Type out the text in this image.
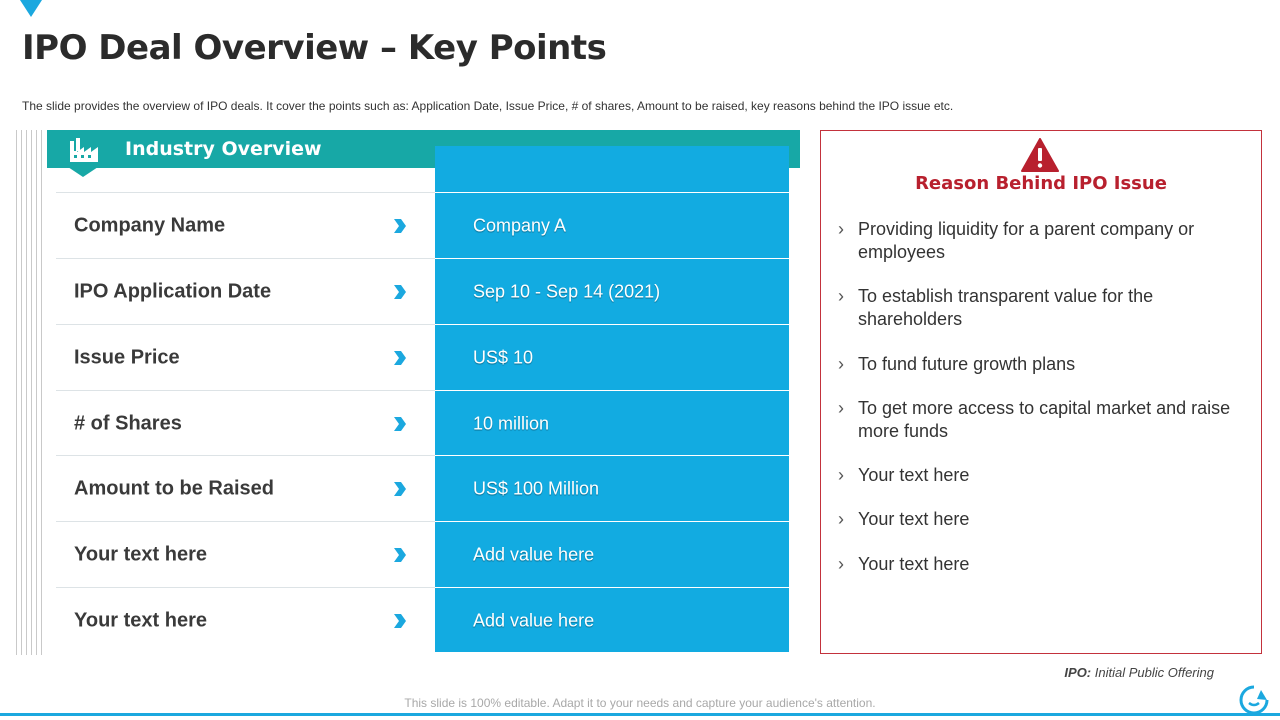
IPO Deal Overview – Key Points

The slide provides the overview of IPO deals. It cover the points such as: Application Date, Issue Price, # of shares, Amount to be raised, key reasons behind the IPO issue etc.

Industry Overview
Company Name	Company A
IPO Application Date	Sep 10 - Sep 14 (2021)
Issue Price	US$ 10
# of Shares	10 million
Amount to be Raised	US$ 100 Million
Your text here	Add value here
Your text here	Add value here
Reason Behind IPO Issue
› Providing liquidity for a parent company or employees
› To establish transparent value for the shareholders
› To fund future growth plans
› To get more access to capital market and raise more funds
› Your text here
› Your text here
› Your text here
IPO: Initial Public Offering
This slide is 100% editable. Adapt it to your needs and capture your audience's attention.
